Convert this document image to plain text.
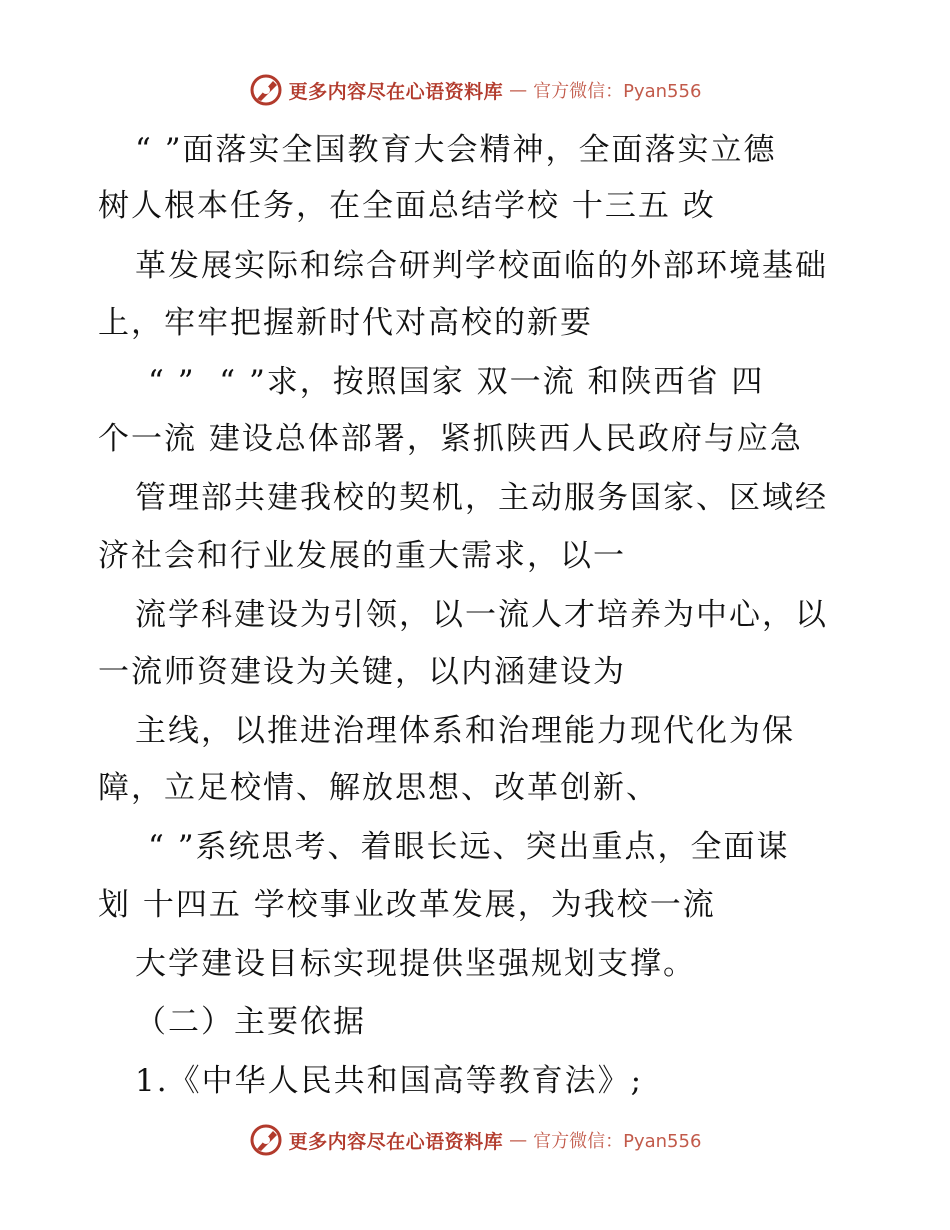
更多内容尽在心语资料库 — 官方微信：Pyan556
“ ”面落实全国教育大会精神，全面落实立德
树人根本任务，在全面总结学校 十三五 改
革发展实际和综合研判学校面临的外部环境基础
上，牢牢把握新时代对高校的新要
“ ”  “ ”求，按照国家 双一流 和陕西省 四
个一流 建设总体部署，紧抓陕西人民政府与应急
管理部共建我校的契机，主动服务国家、区域经
济社会和行业发展的重大需求，以一
流学科建设为引领，以一流人才培养为中心，以
一流师资建设为关键，以内涵建设为
主线，以推进治理体系和治理能力现代化为保
障，立足校情、解放思想、改革创新、
“ ”系统思考、着眼长远、突出重点，全面谋
划 十四五 学校事业改革发展，为我校一流
大学建设目标实现提供坚强规划支撑。
（二）主要依据
1.《中华人民共和国高等教育法》;
更多内容尽在心语资料库 — 官方微信：Pyan556
